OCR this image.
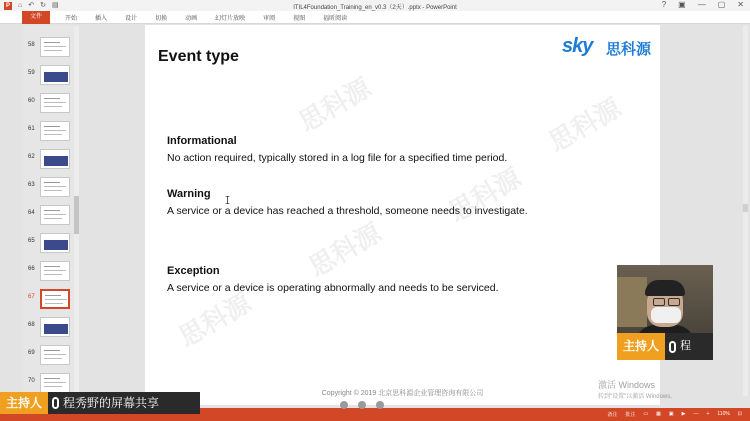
P ⌂ ↶ ↻ ▤	ITIL4Foundation_Training_en_v0.3（2天）.pptx - PowerPoint	? ▣ — ▢ ✕
文件	开始	插入	设计	切换	动画	幻灯片放映	审阅	视图	福昕阅读
58
59
60
61
62
63
64
65
66
67
68
69
70
思科源
思科源
思科源
思科源
思科源
Event type	sky 思科源
Informational
No action required, typically stored in a log file for a specified time period.
Warning
A service or a device has reached a threshold, someone needs to investigate.
Exception
A service or a device is operating abnormally and needs to be serviced.
Copyright © 2019 北京思科源企业管理咨询有限公司
主持人	程
激活 Windows
转到"设置"以激活 Windows。
备注 批注 ▭ ▦ ▣ ▶ — + 110% ⊡
主持人	程秀野的屏幕共享
